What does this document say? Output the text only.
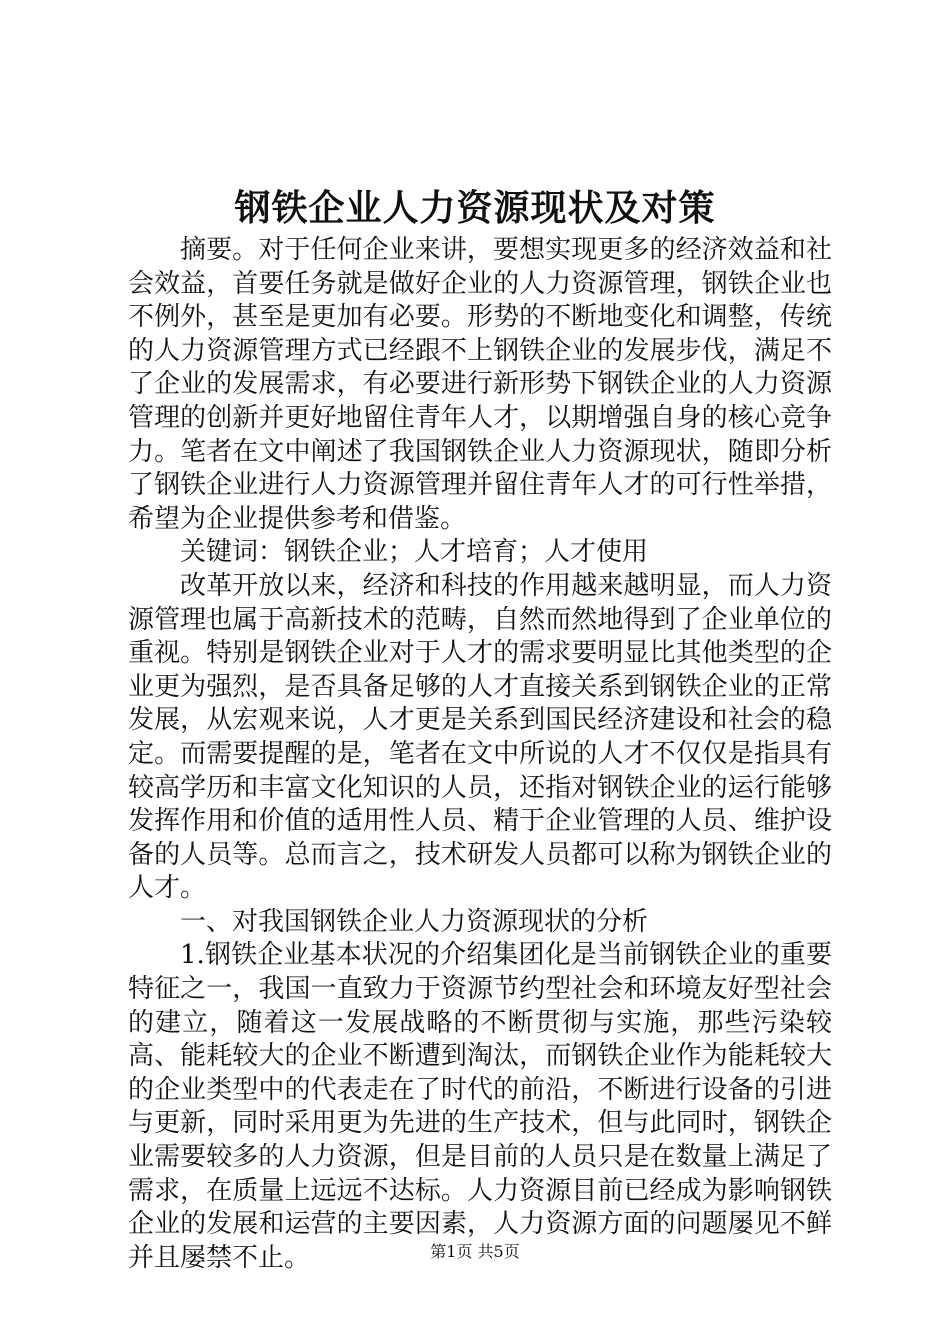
钢铁企业人力资源现状及对策

摘要。对于任何企业来讲，要想实现更多的经济效益和社会效益，首要任务就是做好企业的人力资源管理，钢铁企业也不例外，甚至是更加有必要。形势的不断地变化和调整，传统的人力资源管理方式已经跟不上钢铁企业的发展步伐，满足不了企业的发展需求，有必要进行新形势下钢铁企业的人力资源管理的创新并更好地留住青年人才，以期增强自身的核心竞争力。笔者在文中阐述了我国钢铁企业人力资源现状，随即分析了钢铁企业进行人力资源管理并留住青年人才的可行性举措，希望为企业提供参考和借鉴。

关键词：钢铁企业；人才培育；人才使用

改革开放以来，经济和科技的作用越来越明显，而人力资源管理也属于高新技术的范畴，自然而然地得到了企业单位的重视。特别是钢铁企业对于人才的需求要明显比其他类型的企业更为强烈，是否具备足够的人才直接关系到钢铁企业的正常发展，从宏观来说，人才更是关系到国民经济建设和社会的稳定。而需要提醒的是，笔者在文中所说的人才不仅仅是指具有较高学历和丰富文化知识的人员，还指对钢铁企业的运行能够发挥作用和价值的适用性人员、精于企业管理的人员、维护设备的人员等。总而言之，技术研发人员都可以称为钢铁企业的人才。

一、对我国钢铁企业人力资源现状的分析

1.钢铁企业基本状况的介绍集团化是当前钢铁企业的重要特征之一，我国一直致力于资源节约型社会和环境友好型社会的建立，随着这一发展战略的不断贯彻与实施，那些污染较高、能耗较大的企业不断遭到淘汰，而钢铁企业作为能耗较大的企业类型中的代表走在了时代的前沿，不断进行设备的引进与更新，同时采用更为先进的生产技术，但与此同时，钢铁企业需要较多的人力资源，但是目前的人员只是在数量上满足了需求，在质量上远远不达标。人力资源目前已经成为影响钢铁企业的发展和运营的主要因素，人力资源方面的问题屡见不鲜并且屡禁不止。	第1页 共5页
